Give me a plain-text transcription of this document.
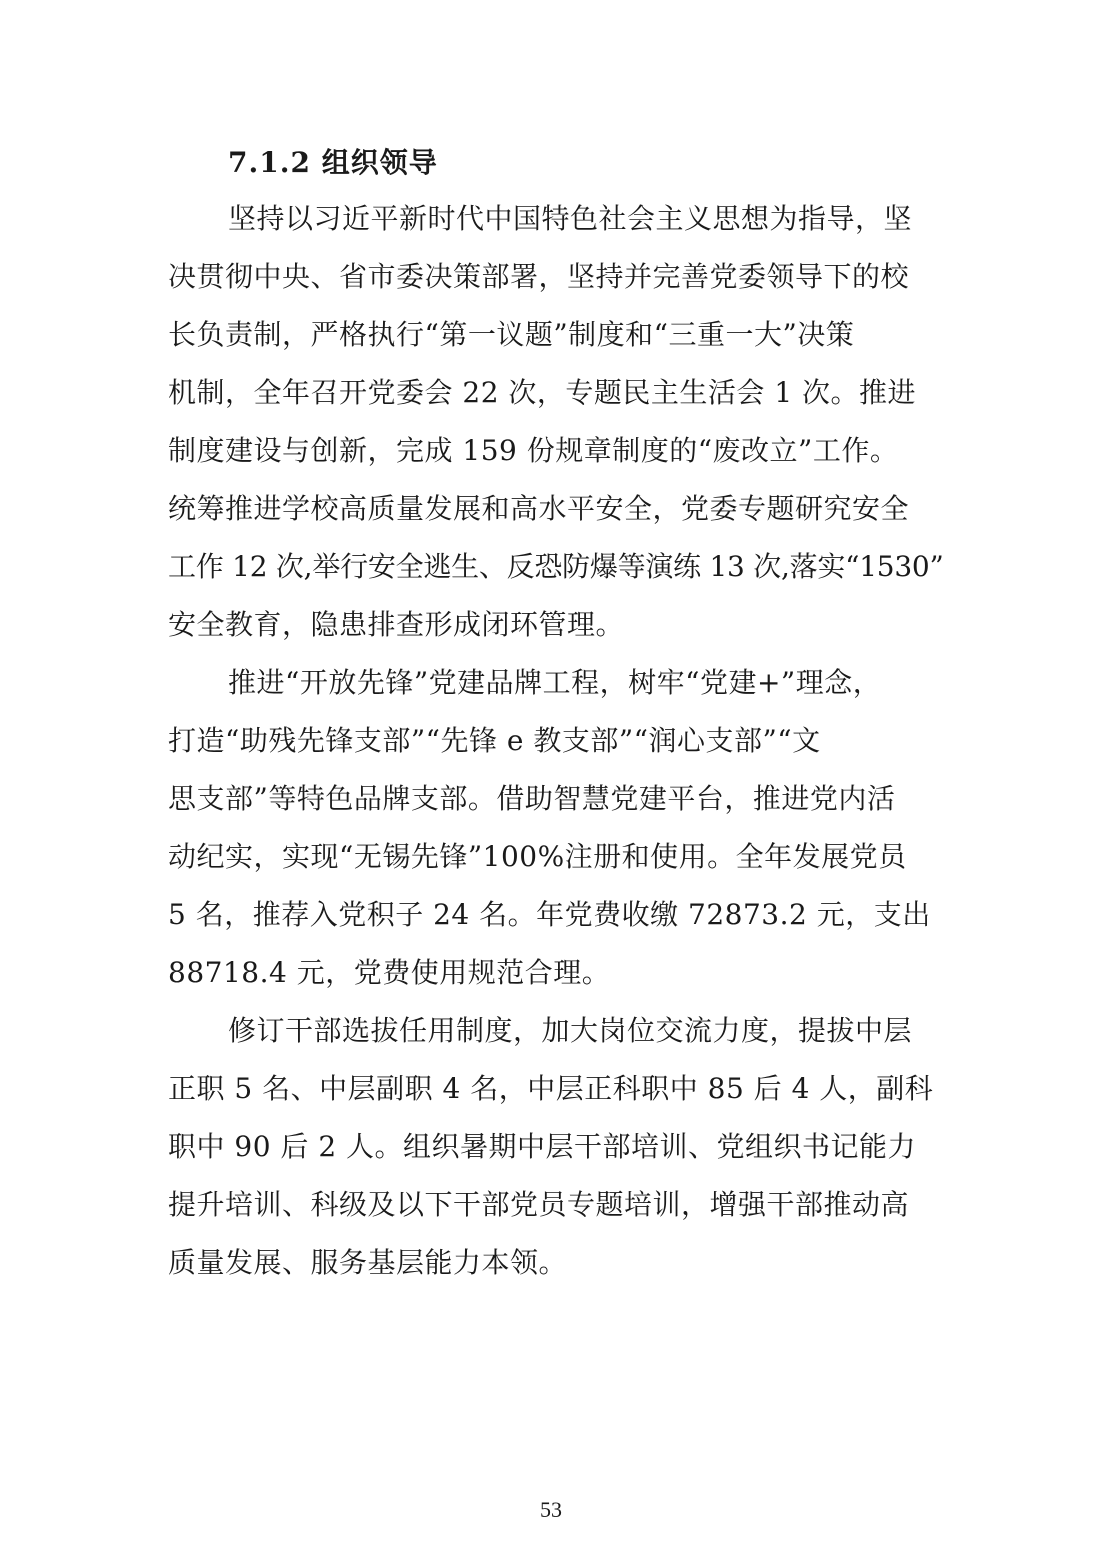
7.1.2 组织领导
坚持以习近平新时代中国特色社会主义思想为指导，坚
决贯彻中央、省市委决策部署，坚持并完善党委领导下的校
长负责制，严格执行“第一议题”制度和“三重一大”决策
机制，全年召开党委会 22 次，专题民主生活会 1 次。推进
制度建设与创新，完成 159 份规章制度的“废改立”工作。
统筹推进学校高质量发展和高水平安全，党委专题研究安全
工作 12 次,举行安全逃生、反恐防爆等演练 13 次,落实“1530”
安全教育，隐患排查形成闭环管理。
推进“开放先锋”党建品牌工程，树牢“党建+”理念，
打造“助残先锋支部”“先锋 e 教支部”“润心支部”“文
思支部”等特色品牌支部。借助智慧党建平台，推进党内活
动纪实，实现“无锡先锋”100%注册和使用。全年发展党员
5 名，推荐入党积子 24 名。年党费收缴 72873.2 元，支出
88718.4 元，党费使用规范合理。
修订干部选拔任用制度，加大岗位交流力度，提拔中层
正职 5 名、中层副职 4 名，中层正科职中 85 后 4 人，副科
职中 90 后 2 人。组织暑期中层干部培训、党组织书记能力
提升培训、科级及以下干部党员专题培训，增强干部推动高
质量发展、服务基层能力本领。
53
